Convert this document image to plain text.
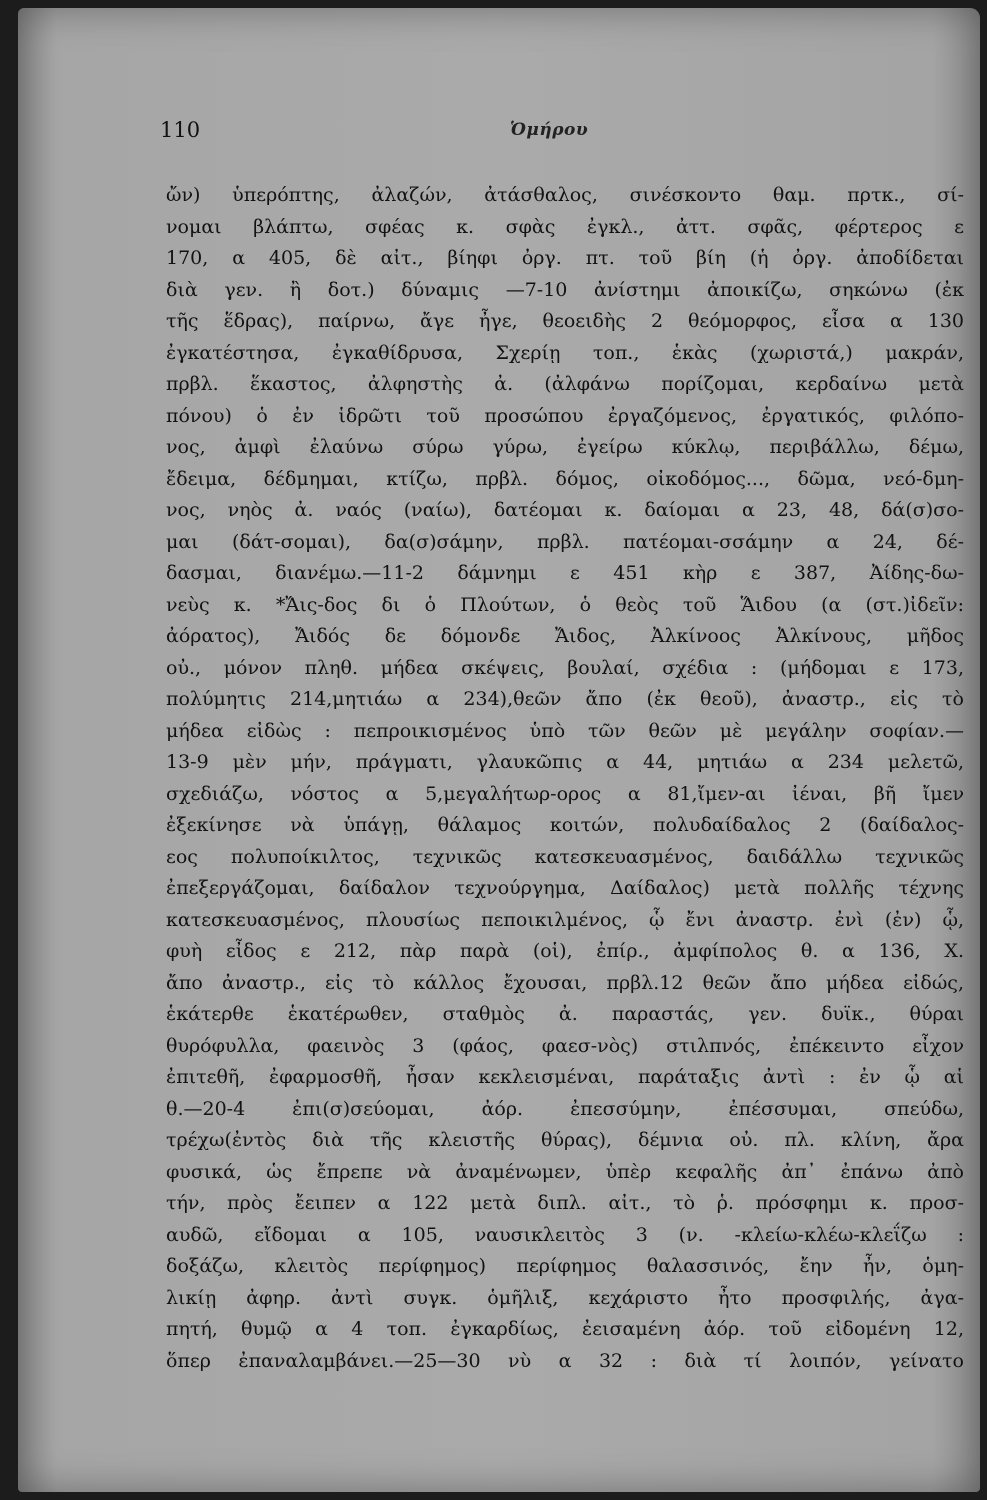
110	Ὁμήρου
ὤν) ὑπερόπτης, ἀλαζών, ἀτάσθαλος, σινέσκοντο θαμ. πρτκ., σί-
νομαι βλάπτω, σφέας κ. σφὰς ἐγκλ., ἀττ. σφᾶς, φέρτερος ε
170, α 405, δὲ αἰτ., βίηφι ὀργ. πτ. τοῦ βίη (ἡ ὀργ. ἀποδίδεται
διὰ γεν. ἢ δοτ.) δύναμις —7-10 ἀνίστημι ἀποικίζω, σηκώνω (ἐκ
τῆς ἕδρας), παίρνω, ἄγε ἦγε, θεοειδὴς 2 θεόμορφος, εἶσα α 130
ἐγκατέστησα, ἐγκαθίδρυσα, Σχερίῃ τοπ., ἑκὰς (χωριστά,) μακράν,
πρβλ. ἕκαστος, ἀλφηστὴς ἀ. (ἀλφάνω πορίζομαι, κερδαίνω μετὰ
πόνου) ὁ ἐν ἱδρῶτι τοῦ προσώπου ἐργαζόμενος, ἐργατικός, φιλόπο-
νος, ἀμφὶ ἐλαύνω σύρω γύρω, ἐγείρω κύκλῳ, περιβάλλω, δέμω,
ἔδειμα, δέδμημαι, κτίζω, πρβλ. δόμος, οἰκοδόμος..., δῶμα, νεό-δμη-
νος, νηὸς ἀ. ναός (ναίω), δατέομαι κ. δαίομαι α 23, 48, δά(σ)σο-
μαι (δάτ-σομαι), δα(σ)σάμην, πρβλ. πατέομαι-σσάμην α 24, δέ-
δασμαι, διανέμω.—11-2 δάμνημι ε 451 κὴρ ε 387, Ἀίδης-δω-
νεὺς κ. *Ἄις-δος δι ὁ Πλούτων, ὁ θεὸς τοῦ Ἅιδου (α (στ.)ἰδεῖν:
ἀόρατος), Ἄιδός δε δόμονδε Ἄιδος, Ἀλκίνοος Ἀλκίνους, μῆδος
οὐ., μόνον πληθ. μήδεα σκέψεις, βουλαί, σχέδια : (μήδομαι ε 173,
πολύμητις 214,μητιάω α 234),θεῶν ἄπο (ἐκ θεοῦ), ἀναστρ., εἰς τὸ
μήδεα εἰδὼς : πεπροικισμένος ὑπὸ τῶν θεῶν μὲ μεγάλην σοφίαν.—
13-9 μὲν μήν, πράγματι, γλαυκῶπις α 44, μητιάω α 234 μελετῶ,
σχεδιάζω, νόστος α 5,μεγαλήτωρ-ορος α 81,ἴμεν-αι ἰέναι, βῆ ἴμεν
ἐξεκίνησε νὰ ὑπάγῃ, θάλαμος κοιτών, πολυδαίδαλος 2 (δαίδαλος-
εος πολυποίκιλτος, τεχνικῶς κατεσκευασμένος, δαιδάλλω τεχνικῶς
ἐπεξεργάζομαι, δαίδαλον τεχνούργημα, Δαίδαλος) μετὰ πολλῆς τέχνης
κατεσκευασμένος, πλουσίως πεποικιλμένος, ᾧ ἔνι ἀναστρ. ἐνὶ (ἐν) ᾧ,
φυὴ εἶδος ε 212, πὰρ παρὰ (οἱ), ἐπίρ., ἀμφίπολος θ. α 136, Χ.
ἄπο ἀναστρ., εἰς τὸ κάλλος ἔχουσαι, πρβλ.12 θεῶν ἄπο μήδεα εἰδώς,
ἑκάτερθε ἑκατέρωθεν, σταθμὸς ἀ. παραστάς, γεν. δυϊκ., θύραι
θυρόφυλλα, φαεινὸς 3 (φάος, φαεσ-νὸς) στιλπνός, ἐπέκειντο εἶχον
ἐπιτεθῆ, ἐφαρμοσθῆ, ἦσαν κεκλεισμέναι, παράταξις ἀντὶ : ἐν ᾧ αἱ
θ.—20-4 ἐπι(σ)σεύομαι, ἀόρ. ἐπεσσύμην, ἐπέσσυμαι, σπεύδω,
τρέχω(ἐντὸς διὰ τῆς κλειστῆς θύρας), δέμνια οὐ. πλ. κλίνη, ἄρα
φυσικά, ὡς ἔπρεπε νὰ ἀναμένωμεν, ὑπὲρ κεφαλῆς ἀπ᾽ ἐπάνω ἀπὸ
τήν, πρὸς ἔειπεν α 122 μετὰ διπλ. αἰτ., τὸ ῥ. πρόσφημι κ. προσ-
αυδῶ, εἴδομαι α 105, ναυσικλειτὸς 3 (ν. -κλείω-κλέω-κλεΐζω :
δοξάζω, κλειτὸς περίφημος) περίφημος θαλασσινός, ἔην ἦν, ὁμη-
λικίῃ ἀφηρ. ἀντὶ συγκ. ὁμῆλιξ, κεχάριστο ἦτο προσφιλής, ἀγα-
πητή, θυμῷ α 4 τοπ. ἐγκαρδίως, ἐεισαμένη ἀόρ. τοῦ εἰδομένη 12,
ὅπερ ἐπαναλαμβάνει.—25—30 νὺ α 32 : διὰ τί λοιπόν, γείνατο
